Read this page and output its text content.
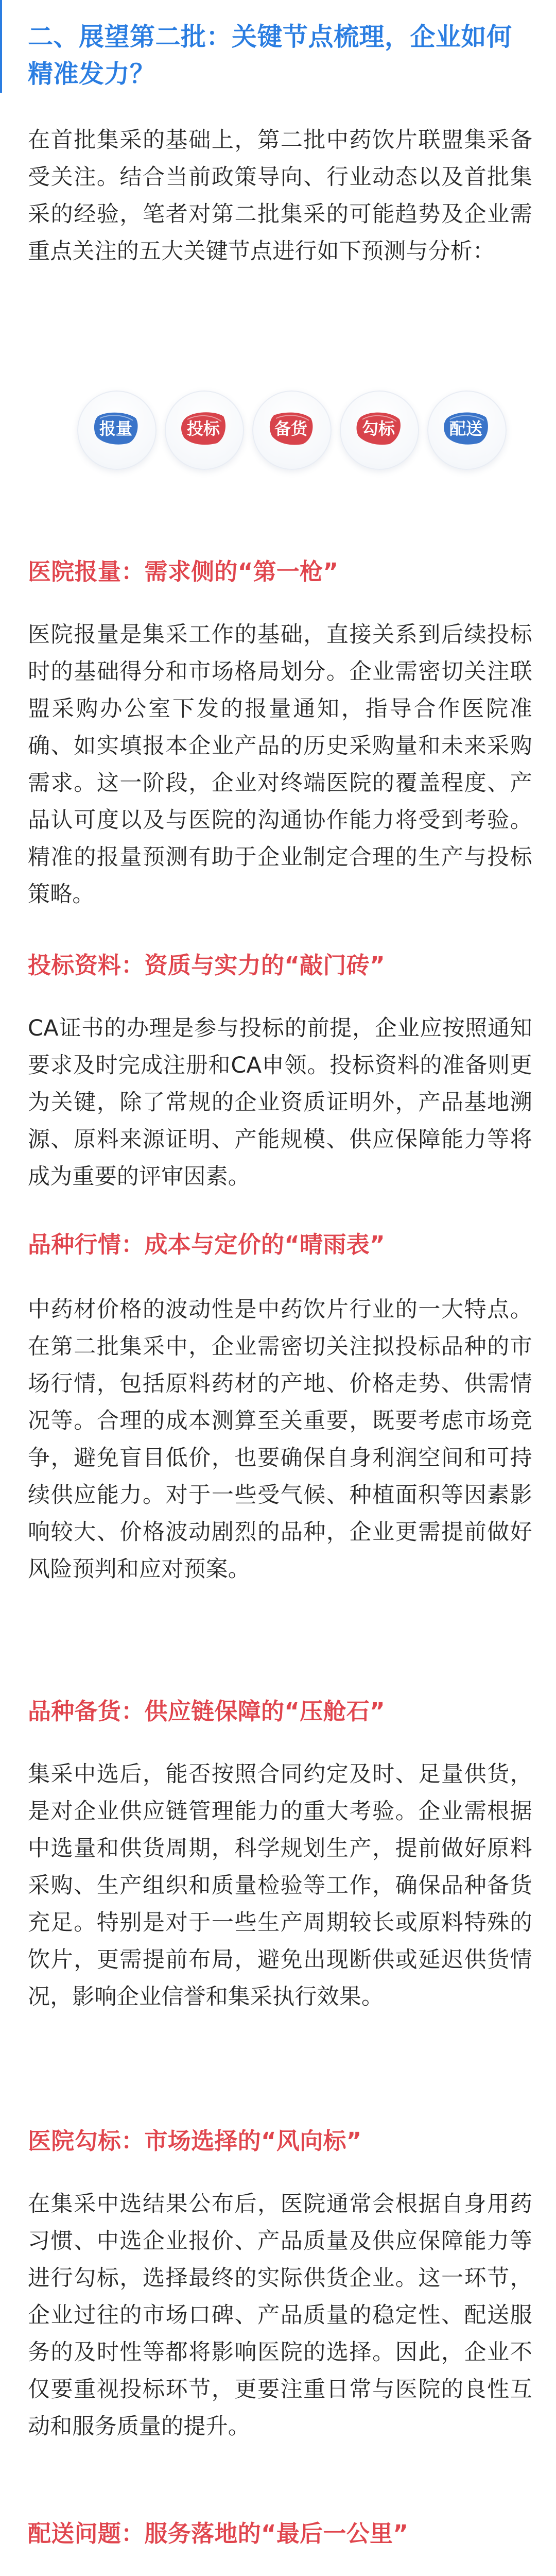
二、展望第二批：关键节点梳理，企业如何精准发力？
在首批集采的基础上，第二批中药饮片联盟集采备受关注。结合当前政策导向、行业动态以及首批集采的经验，笔者对第二批集采的可能趋势及企业需重点关注的五大关键节点进行如下预测与分析：
报量	投标	备货	勾标	配送
医院报量：需求侧的“第一枪”
医院报量是集采工作的基础，直接关系到后续投标时的基础得分和市场格局划分。企业需密切关注联盟采购办公室下发的报量通知，指导合作医院准确、如实填报本企业产品的历史采购量和未来采购需求。这一阶段，企业对终端医院的覆盖程度、产品认可度以及与医院的沟通协作能力将受到考验。精准的报量预测有助于企业制定合理的生产与投标策略。
投标资料：资质与实力的“敲门砖”
CA证书的办理是参与投标的前提，企业应按照通知要求及时完成注册和CA申领。投标资料的准备则更为关键，除了常规的企业资质证明外，产品基地溯源、原料来源证明、产能规模、供应保障能力等将成为重要的评审因素。
品种行情：成本与定价的“晴雨表”
中药材价格的波动性是中药饮片行业的一大特点。在第二批集采中，企业需密切关注拟投标品种的市场行情，包括原料药材的产地、价格走势、供需情况等。合理的成本测算至关重要，既要考虑市场竞争，避免盲目低价，也要确保自身利润空间和可持续供应能力。对于一些受气候、种植面积等因素影响较大、价格波动剧烈的品种，企业更需提前做好风险预判和应对预案。
品种备货：供应链保障的“压舱石”
集采中选后，能否按照合同约定及时、足量供货，是对企业供应链管理能力的重大考验。企业需根据中选量和供货周期，科学规划生产，提前做好原料采购、生产组织和质量检验等工作，确保品种备货充足。特别是对于一些生产周期较长或原料特殊的饮片，更需提前布局，避免出现断供或延迟供货情况，影响企业信誉和集采执行效果。
医院勾标：市场选择的“风向标”
在集采中选结果公布后，医院通常会根据自身用药习惯、中选企业报价、产品质量及供应保障能力等进行勾标，选择最终的实际供货企业。这一环节，企业过往的市场口碑、产品质量的稳定性、配送服务的及时性等都将影响医院的选择。因此，企业不仅要重视投标环节，更要注重日常与医院的良性互动和服务质量的提升。
配送问题：服务落地的“最后一公里”
